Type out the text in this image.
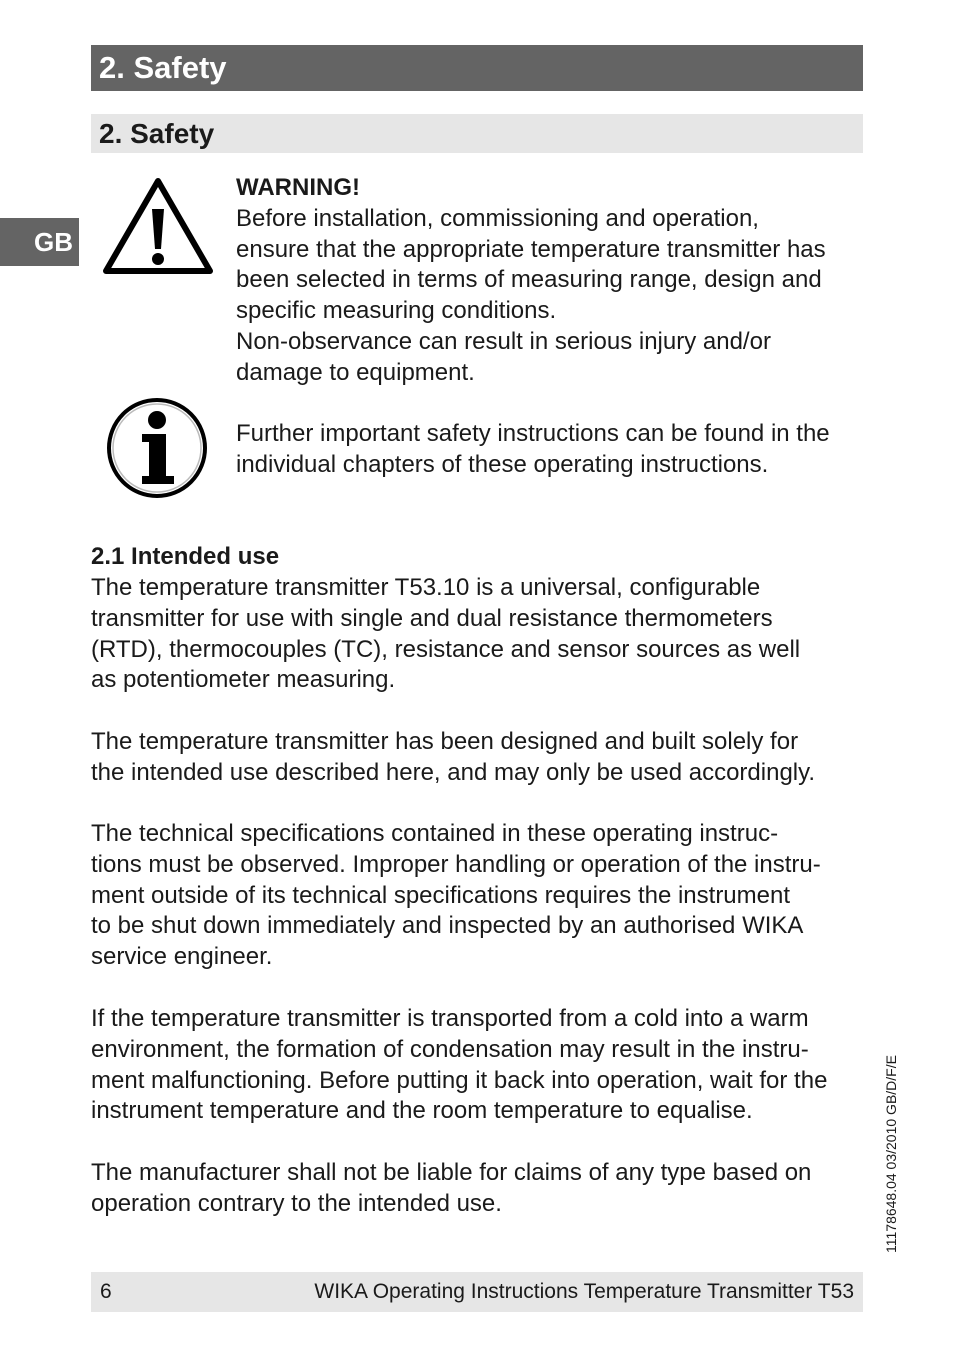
2. Safety
2. Safety
GB
WARNING!
Before installation, commissioning and operation,
ensure that the appropriate temperature transmitter has
been selected in terms of measuring range, design and
specific measuring conditions.
Non-observance can result in serious injury and/or
damage to equipment.
Further important safety instructions can be found in the
individual chapters of these operating instructions.
2.1 Intended use

The temperature transmitter T53.10 is a universal, configurable
transmitter for use with single and dual resistance thermometers
(RTD), thermocouples (TC), resistance and sensor sources as well
as potentiometer measuring.

The temperature transmitter has been designed and built solely for
the intended use described here, and may only be used accordingly.

The technical specifications contained in these operating instruc-
tions must be observed. Improper handling or operation of the instru-
ment outside of its technical specifications requires the instrument
to be shut down immediately and inspected by an authorised WIKA
service engineer.

If the temperature transmitter is transported from a cold into a warm
environment, the formation of condensation may result in the instru-
ment malfunctioning. Before putting it back into operation, wait for the
instrument temperature and the room temperature to equalise.

The manufacturer shall not be liable for claims of any type based on
operation contrary to the intended use.	11178648.04 03/2010 GB/D/F/E
6	WIKA Operating Instructions Temperature Transmitter T53
